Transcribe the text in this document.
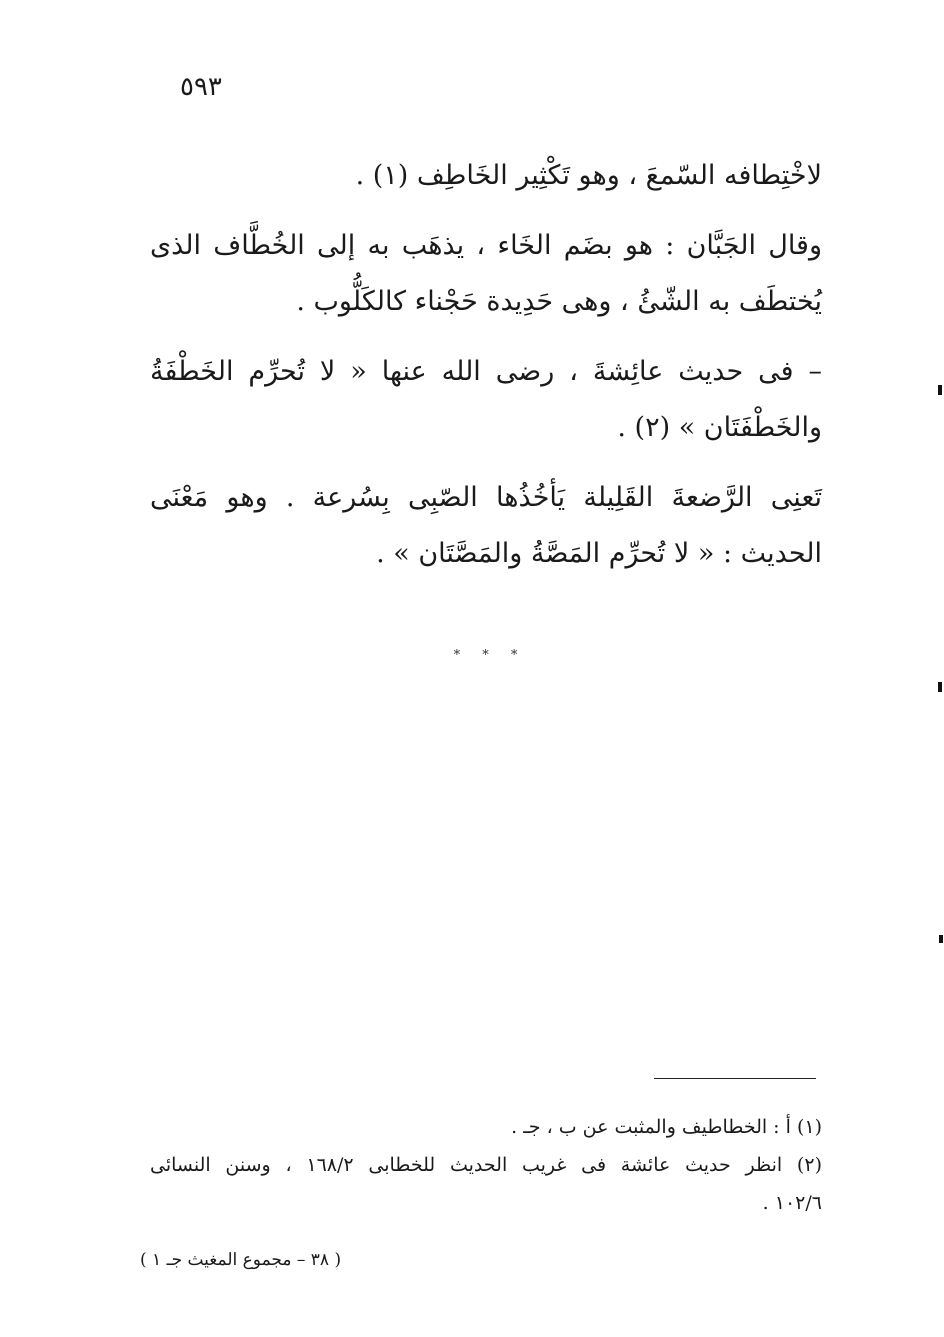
٥٩٣

لاخْتِطافه السّمعَ ، وهو تَكْثِير الخَاطِف (١) .

وقال الجَبَّان : هو بضَم الخَاء ، يذهَب به إلى الخُطَّاف الذى
يُختطَف به الشّئُ ، وهى حَدِيدة حَجْناء كالكَلُّوب .

– فى حديث عائِشةَ ، رضى الله عنها « لا تُحرِّم الخَطْفَةُ
والخَطْفَتَان » (٢) .

تَعنِى الرَّضعةَ القَلِيلة يَأخُذُها الصّبِى بِسُرعة . وهو مَعْنَى
الحديث : « لا تُحرِّم المَصَّةُ والمَصَّتَان » .

* * *

(١) أ : الخطاطيف والمثبت عن ب ، جـ .

(٢) انظر حديث عائشة فى غريب الحديث للخطابى ١٦٨/٢ ، وسنن النسائى
١٠٢/٦ .

( ٣٨ – مجموع المغيث جـ ١ )
